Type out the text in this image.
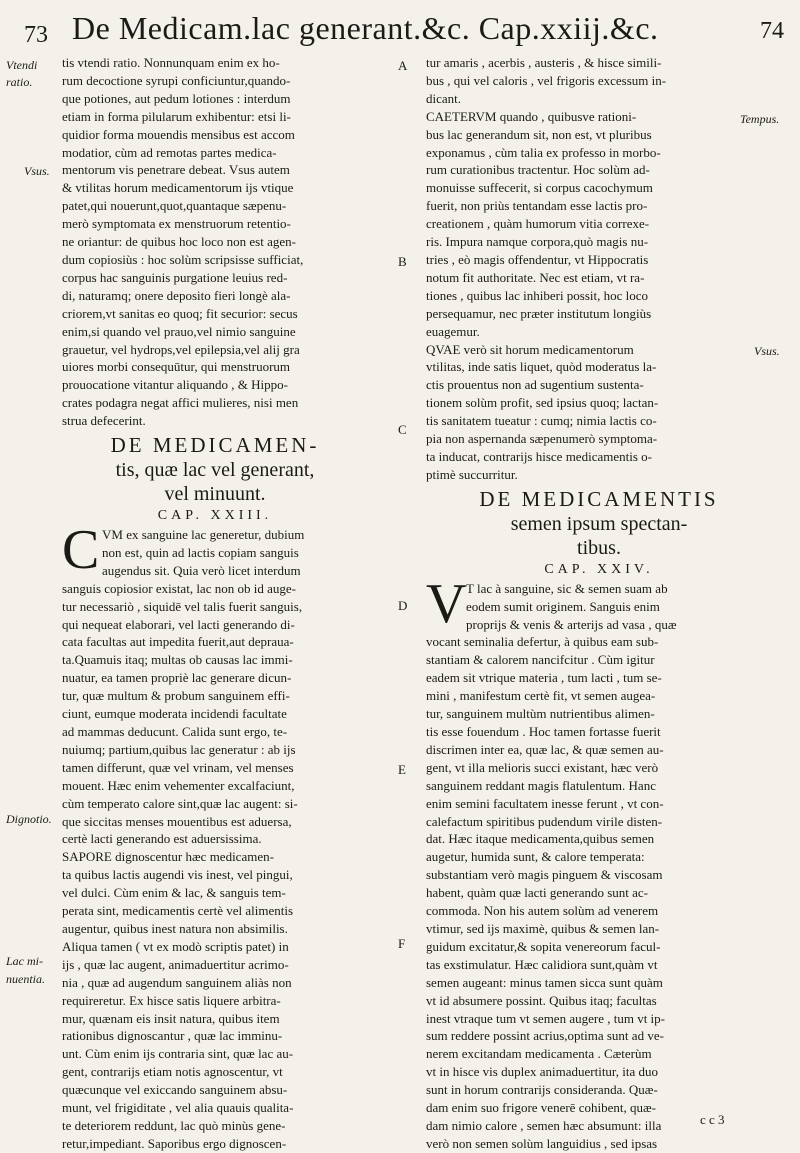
73 De Medicam.lac generant.&c. Cap.xxiij.&c.	74
Vtendi
ratio.
Vsus.
Dignotio.
Lac mi-
nuentia.
Tempus.
Vsus.
A
B
C
D
E
F
tis vtendi ratio. Nonnunquam enim ex ho-
rum decoctione syrupi conficiuntur,quando-
que potiones, aut pedum lotiones : interdum
etiam in forma pilularum exhibentur: etsi li-
quidior forma mouendis mensibus est accom
modatior, cùm ad remotas partes medica-
mentorum vis penetrare debeat. Vsus autem
& vtilitas horum medicamentorum ijs vtique
patet,qui nouerunt,quot,quantaque sæpenu-
merò symptomata ex menstruorum retentio-
ne oriantur: de quibus hoc loco non est agen-
dum copiosiùs : hoc solùm scripsisse sufficiat,
corpus hac sanguinis purgatione leuius red-
di, naturamq; onere deposito fieri longè ala-
criorem,vt sanitas eo quoq; fit securior: secus
enim,si quando vel prauo,vel nimio sanguine
grauetur, vel hydrops,vel epilepsia,vel alij gra
uiores morbi consequūtur, qui menstruorum
prouocatione vitantur aliquando , & Hippo-
crates podagra negat affici mulieres, nisi men
strua defecerint.
DE MEDICAMEN-
tis, quæ lac vel generant,
vel minuunt.
CAP. XXIII.
C VM ex sanguine lac generetur, dubium
non est, quin ad lactis copiam sanguis
augendus sit. Quia verò licet interdum
sanguis copiosior existat, lac non ob id auge-
tur necessariò , siquidē vel talis fuerit sanguis,
qui nequeat elaborari, vel lacti generando di-
cata facultas aut impedita fuerit,aut deprauа-
ta.Quamuis itaq; multas ob causas lac immi-
nuatur, ea tamen propriè lac generare dicun-
tur, quæ multum & probum sanguinem effi-
ciunt, eumque moderata incidendi facultate
ad mammas deducunt. Calida sunt ergo, te-
nuiumq; partium,quibus lac generatur : ab ijs
tamen differunt, quæ vel vrinam, vel menses
mouent. Hæc enim vehementer excalfaciunt,
cùm temperato calore sint,quæ lac augent: si-
que siccitas menses mouentibus est aduersa,
certè lacti generando est aduersissima.
SAPORE dignoscentur hæc medicamen-
ta quibus lactis augendi vis inest, vel pingui,
vel dulci. Cùm enim & lac, & sanguis tem-
perata sint, medicamentis certè vel alimentis
augentur, quibus inest natura non absimilis.
Aliqua tamen ( vt ex modò scriptis patet) in
ijs , quæ lac augent, animaduertitur acrimo-
nia , quæ ad augendum sanguinem aliàs non
requireretur. Ex hisce satis liquere arbitra-
mur, quænam eis insit natura, quibus item
rationibus dignoscantur , quæ lac imminu-
unt. Cùm enim ijs contraria sint, quæ lac au-
gent, contrarijs etiam notis agnoscentur, vt
quæcunque vel exiccando sanguinem absu-
munt, vel frigiditate , vel alia quauis qualita-
te deteriorem reddunt, lac quò minùs gene-
retur,impediant. Saporibus ergo dignoscen-
tur amaris , acerbis , austeris , & hisce simili-
bus , qui vel caloris , vel frigoris excessum in-
dicant.
CAETERVM quando , quibusve rationi-
bus lac generandum sit, non est, vt pluribus
exponamus , cùm talia ex professo in morbo-
rum curationibus tractentur. Hoc solùm ad-
monuisse suffecerit, si corpus cacochymum
fuerit, non priùs tentandam esse lactis pro-
creationem , quàm humorum vitia correxe-
ris. Impura namque corpora,quò magis nu-
tries , eò magis offendentur, vt Hippocratis
notum fit authoritate. Nec est etiam, vt ra-
tiones , quibus lac inhiberi possit, hoc loco
persequamur, nec præter institutum longiùs
euagemur.
QVAE verò sit horum medicamentorum
vtilitas, inde satis liquet, quòd moderatus la-
ctis prouentus non ad sugentium sustenta-
tionem solùm profit, sed ipsius quoq; lactan-
tis sanitatem tueatur : cumq; nimia lactis co-
pia non aspernanda sæpenumerò symptoma-
ta inducat, contrarijs hisce medicamentis o-
ptimè succurritur.
DE MEDICAMENTIS
semen ipsum spectan-
tibus.
CAP. XXIV.
V T lac à sanguine, sic & semen suam ab
eodem sumit originem. Sanguis enim
proprijs & venis & arterijs ad vasa , quæ
vocant seminalia defertur, à quibus eam sub-
stantiam & calorem nancifcitur . Cùm igitur
eadem sit vtrique materia , tum lacti , tum se-
mini , manifestum certè fit, vt semen augea-
tur, sanguinem multùm nutrientibus alimen-
tis esse fouendum . Hoc tamen fortasse fuerit
discrimen inter ea, quæ lac, & quæ semen au-
gent, vt illa melioris succi existant, hæc verò
sanguinem reddant magis flatulentum. Hanc
enim semini facultatem inesse ferunt , vt con-
calefactum spiritibus pudendum virile disten-
dat. Hæc itaque medicamenta,quibus semen
augetur, humida sunt, & calore temperata:
substantiam verò magis pinguem & viscosam
habent, quàm quæ lacti generando sunt ac-
commoda. Non his autem solùm ad venerem
vtimur, sed ijs maximè, quibus & semen lan-
guidum excitatur,& sopita venereorum facul-
tas exstimulatur. Hæc calidiora sunt,quàm vt
semen augeant: minus tamen sicca sunt quàm
vt id absumere possint. Quibus itaq; facultas
inest vtraque tum vt semen augere , tum vt ip-
sum reddere possint acrius,optima sunt ad ve-
nerem excitandam medicamenta . Cæterùm
vt in hisce vis duplex animaduertitur, ita duo
sunt in horum contrarijs consideranda. Quæ-
dam enim suo frigore venerē cohibent, quæ-
dam nimio calore , semen hæc absumunt: illa
verò non semen solùm languidius , sed ipsas
c c 3
